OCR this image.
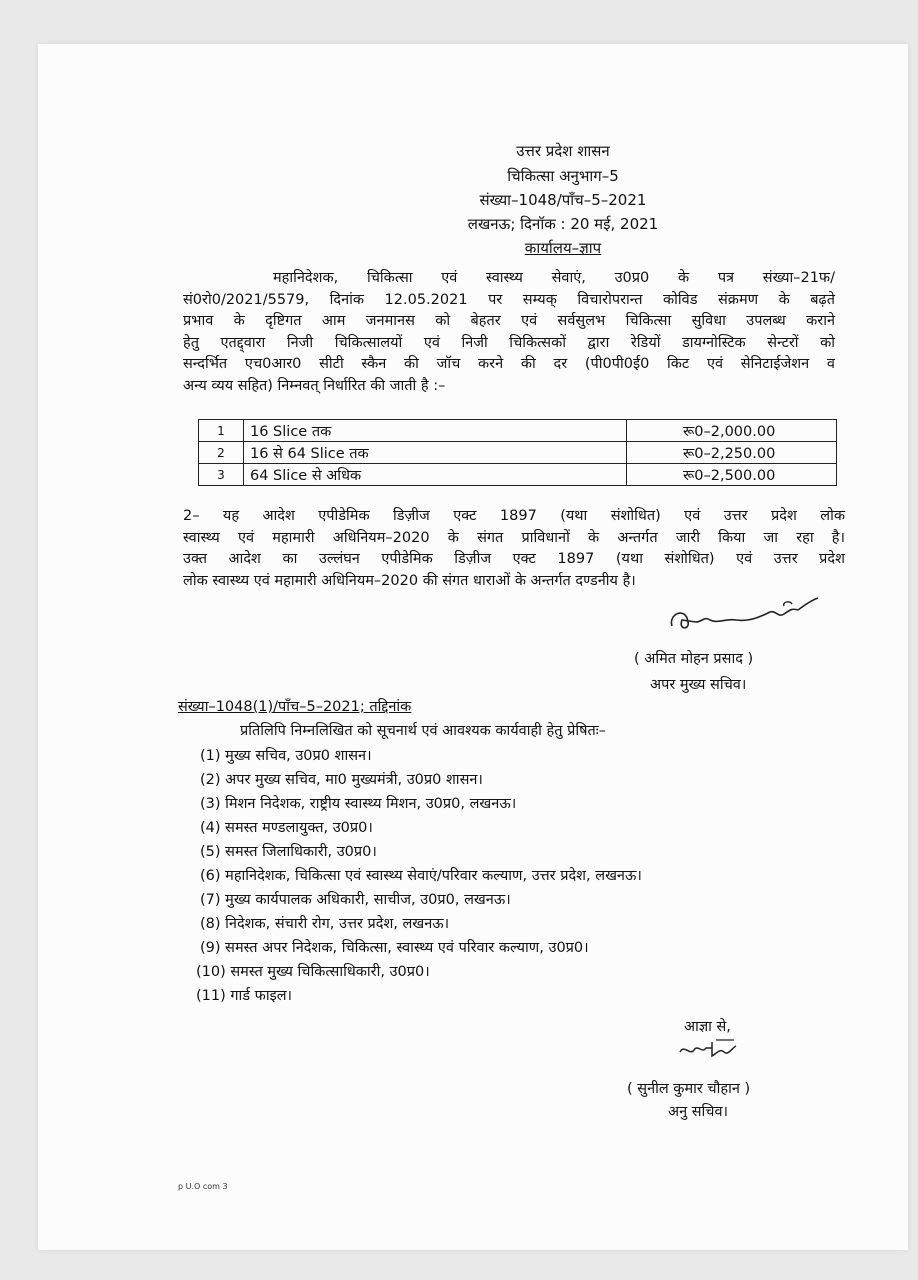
उत्तर प्रदेश शासन
चिकित्सा अनुभाग–5
संख्या–1048/पाँच–5–2021
लखनऊ; दिनॉक : 20 मई, 2021
कार्यालय–ज्ञाप
महानिदेशक, चिकित्सा एवं स्वास्थ्य सेवाएं, उ0प्र0 के पत्र संख्या–21फ/
सं0रो0/2021/5579, दिनांक 12.05.2021 पर सम्यक् विचारोपरान्त कोविड संक्रमण के बढ़ते
प्रभाव के दृष्टिगत आम जनमानस को बेहतर एवं सर्वसुलभ चिकित्सा सुविधा उपलब्ध कराने
हेतु एतद्द्वारा निजी चिकित्सालयों एवं निजी चिकित्सकों द्वारा रेडियों डायग्नोस्टिक सेन्टरों को
सन्दर्भित एच0आर0 सीटी स्कैन की जॉच करने की दर (पी0पी0ई0 किट एवं सेनिटाईजेशन व
अन्य व्यय सहित) निम्नवत् निर्धारित की जाती है :–
1	16 Slice तक	रू0–2,000.00
2	16 से 64 Slice तक	रू0–2,250.00
3	64 Slice से अधिक	रू0–2,500.00
2– यह आदेश एपीडेमिक डिज़ीज एक्ट 1897 (यथा संशोधित) एवं उत्तर प्रदेश लोक
स्वास्थ्य एवं महामारी अधिनियम–2020 के संगत प्राविधानों के अन्तर्गत जारी किया जा रहा है।
उक्त आदेश का उल्लंघन एपीडेमिक डिज़ीज एक्ट 1897 (यथा संशोधित) एवं उत्तर प्रदेश
लोक स्वास्थ्य एवं महामारी अधिनियम–2020 की संगत धाराओं के अन्तर्गत दण्डनीय है।
( अमित मोहन प्रसाद )
अपर मुख्य सचिव।
संख्या–1048(1)/पाँच–5–2021; तद्दिनांक
प्रतिलिपि निम्नलिखित को सूचनार्थ एवं आवश्यक कार्यवाही हेतु प्रेषितः–
(1) मुख्य सचिव, उ0प्र0 शासन।
(2) अपर मुख्य सचिव, मा0 मुख्यमंत्री, उ0प्र0 शासन।
(3) मिशन निदेशक, राष्ट्रीय स्वास्थ्य मिशन, उ0प्र0, लखनऊ।
(4) समस्त मण्डलायुक्त, उ0प्र0।
(5) समस्त जिलाधिकारी, उ0प्र0।
(6) महानिदेशक, चिकित्सा एवं स्वास्थ्य सेवाएं/परिवार कल्याण, उत्तर प्रदेश, लखनऊ।
(7) मुख्य कार्यपालक अधिकारी, साचीज, उ0प्र0, लखनऊ।
(8) निदेशक, संचारी रोग, उत्तर प्रदेश, लखनऊ।
(9) समस्त अपर निदेशक, चिकित्सा, स्वास्थ्य एवं परिवार कल्याण, उ0प्र0।
(10) समस्त मुख्य चिकित्साधिकारी, उ0प्र0।
(11) गार्ड फाइल।
आज्ञा से,
( सुनील कुमार चौहान )
अनु सचिव।
p U.O com 3
